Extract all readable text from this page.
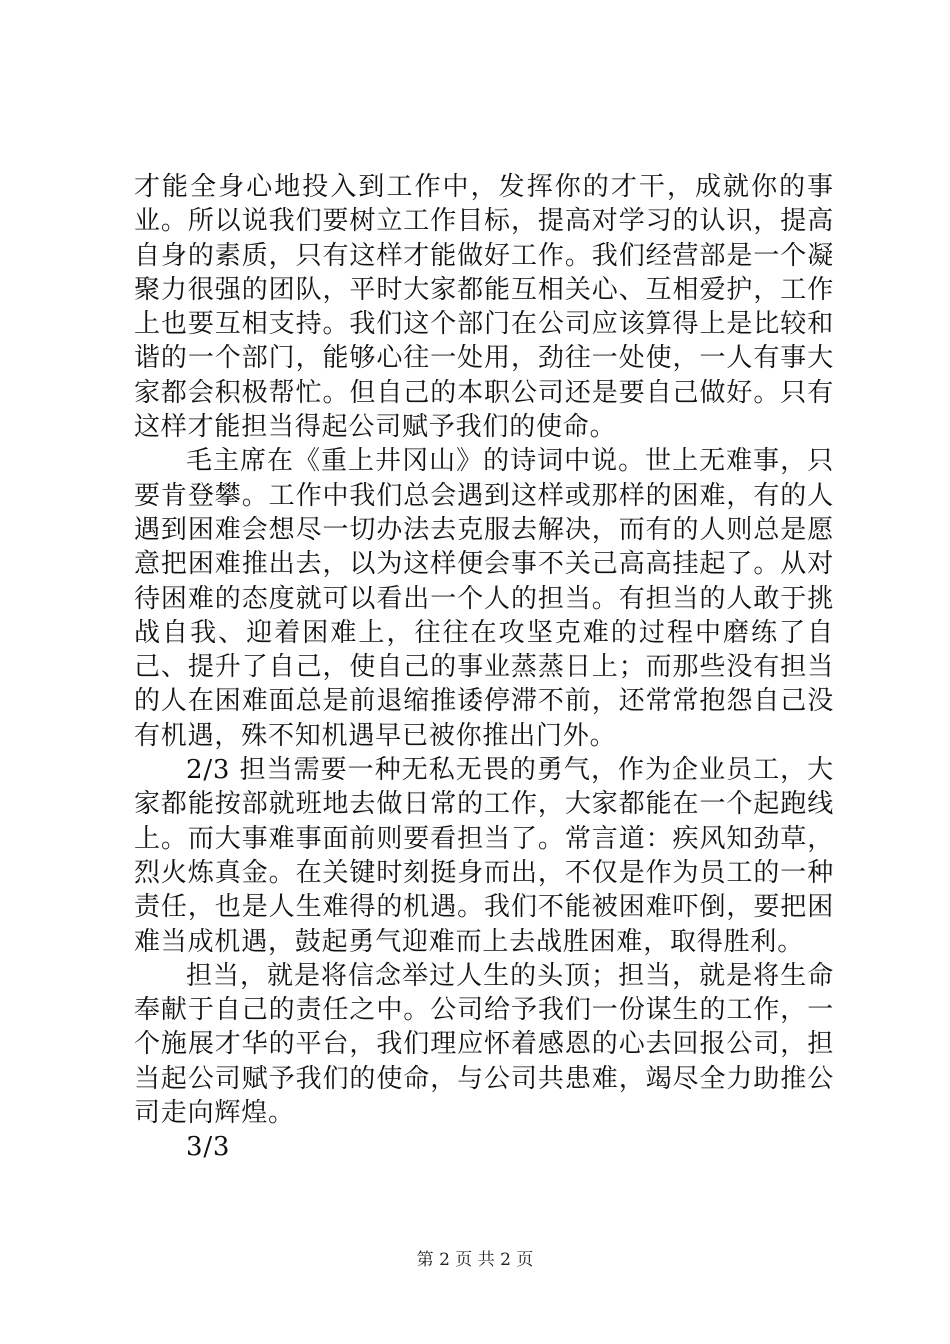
才能全身心地投入到工作中，发挥你的才干，成就你的事业。所以说我们要树立工作目标，提高对学习的认识，提高自身的素质，只有这样才能做好工作。我们经营部是一个凝聚力很强的团队，平时大家都能互相关心、互相爱护，工作上也要互相支持。我们这个部门在公司应该算得上是比较和谐的一个部门，能够心往一处用，劲往一处使，一人有事大家都会积极帮忙。但自己的本职公司还是要自己做好。只有这样才能担当得起公司赋予我们的使命。

毛主席在《重上井冈山》的诗词中说。世上无难事，只要肯登攀。工作中我们总会遇到这样或那样的困难，有的人遇到困难会想尽一切办法去克服去解决，而有的人则总是愿意把困难推出去，以为这样便会事不关己高高挂起了。从对待困难的态度就可以看出一个人的担当。有担当的人敢于挑战自我、迎着困难上，往往在攻坚克难的过程中磨练了自己、提升了自己，使自己的事业蒸蒸日上；而那些没有担当的人在困难面总是前退缩推诿停滞不前，还常常抱怨自己没有机遇，殊不知机遇早已被你推出门外。

2/3 担当需要一种无私无畏的勇气，作为企业员工，大家都能按部就班地去做日常的工作，大家都能在一个起跑线上。而大事难事面前则要看担当了。常言道：疾风知劲草，烈火炼真金。在关键时刻挺身而出，不仅是作为员工的一种责任，也是人生难得的机遇。我们不能被困难吓倒，要把困难当成机遇，鼓起勇气迎难而上去战胜困难，取得胜利。

担当，就是将信念举过人生的头顶；担当，就是将生命奉献于自己的责任之中。公司给予我们一份谋生的工作，一个施展才华的平台，我们理应怀着感恩的心去回报公司，担当起公司赋予我们的使命，与公司共患难，竭尽全力助推公司走向辉煌。

3/3

第 2 页 共 2 页
